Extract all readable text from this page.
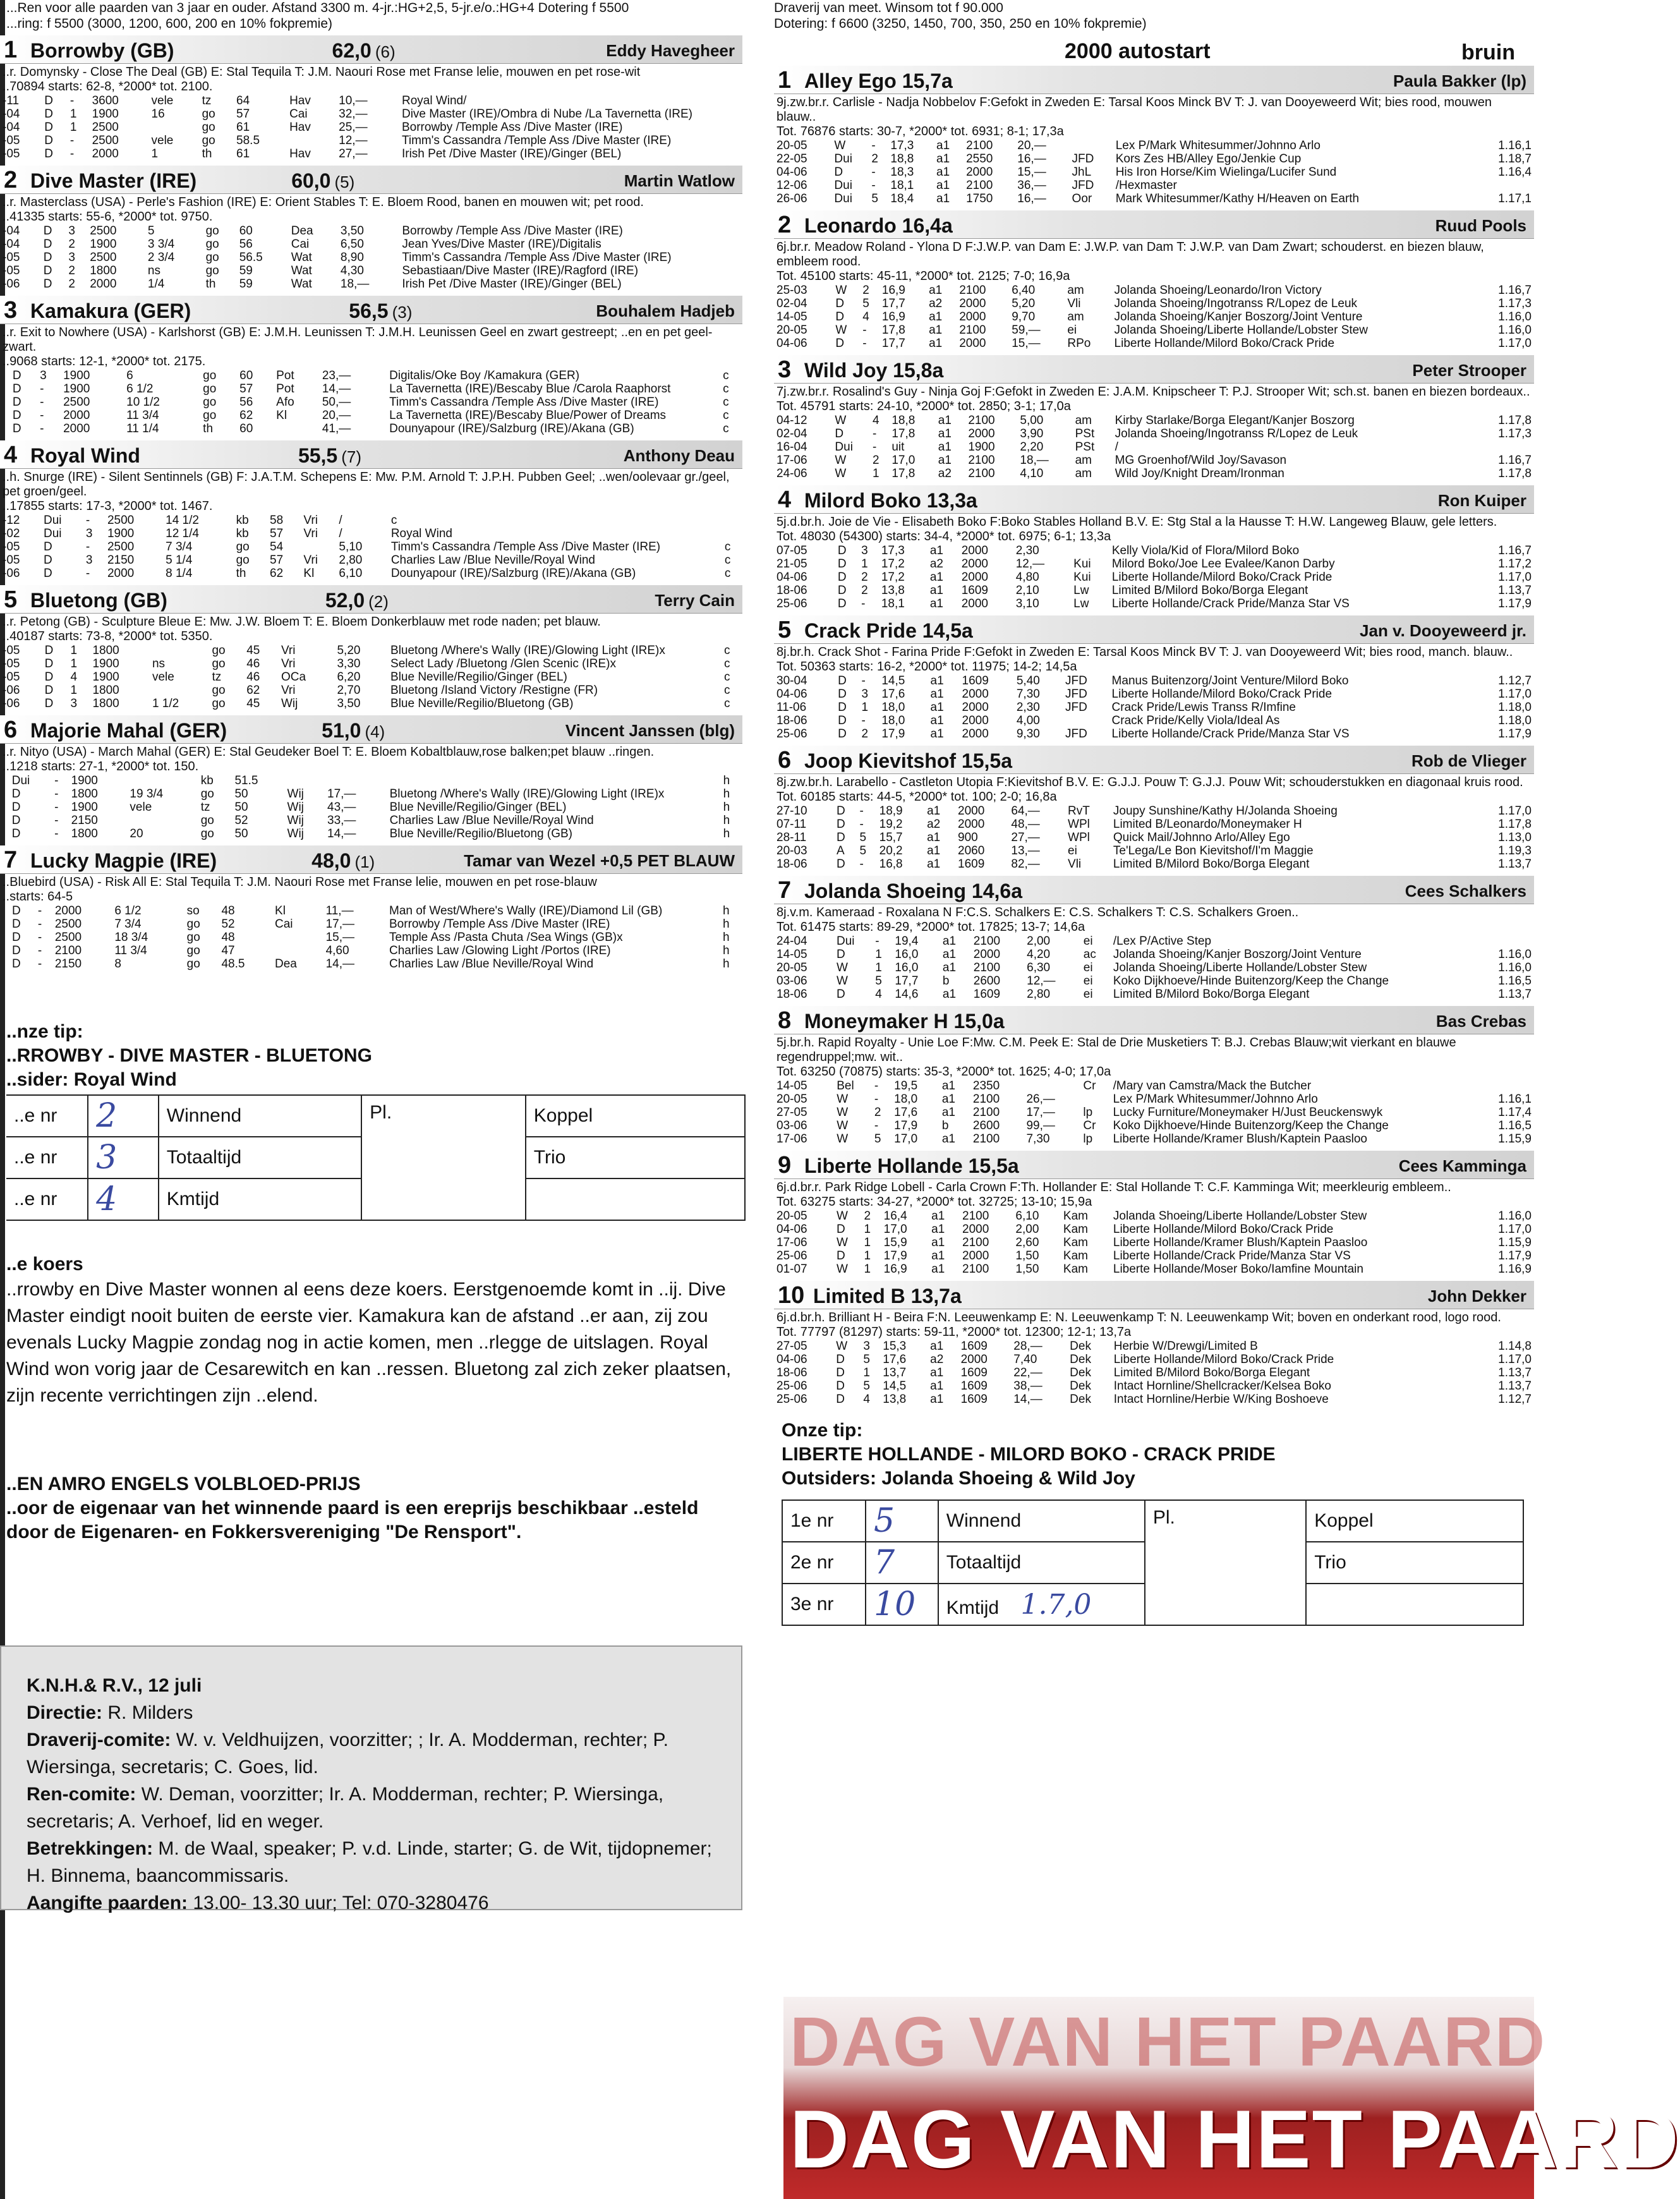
...Ren voor alle paarden van 3 jaar en ouder. Afstand 3300 m. 4-jr.:HG+2,5, 5-jr.e/o.:HG+4 Dotering f 5500
...ring: f 5500 (3000, 1200, 600, 200 en 10% fokpremie)
1 Borrowby (GB)	62,0 (6)	Eddy Havegheer
..r. Domynsky - Close The Deal (GB) E: Stal Tequila T: J.M. Naouri Rose met Franse lelie, mouwen en pet rose-wit
..70894 starts: 62-8, *2000* tot. 2100.
-11	D	-	3600	vele	tz	64	Hav	10,—	Royal Wind/	
-04	D	1	1900	16	go	57	Cai	32,—	Dive Master (IRE)/Ombra di Nube /La Tavernetta (IRE)	
-04	D	1	2500		go	61	Hav	25,—	Borrowby /Temple Ass /Dive Master (IRE)	
-05	D	-	2500	vele	go	58.5		12,—	Timm's Cassandra /Temple Ass /Dive Master (IRE)	
-05	D	-	2000	1	th	61	Hav	27,—	Irish Pet /Dive Master (IRE)/Ginger (BEL)	
2 Dive Master (IRE)	60,0 (5)	Martin Watlow
..r. Masterclass (USA) - Perle's Fashion (IRE) E: Orient Stables T: E. Bloem Rood, banen en mouwen wit; pet rood.
..41335 starts: 55-6, *2000* tot. 9750.
-04	D	3	2500	5	go	60	Dea	3,50	Borrowby /Temple Ass /Dive Master (IRE)	
-04	D	2	1900	3 3/4	go	56	Cai	6,50	Jean Yves/Dive Master (IRE)/Digitalis	
-05	D	3	2500	2 3/4	go	56.5	Wat	8,90	Timm's Cassandra /Temple Ass /Dive Master (IRE)	
-05	D	2	1800	ns	go	59	Wat	4,30	Sebastiaan/Dive Master (IRE)/Ragford (IRE)	
-06	D	2	2000	1/4	th	59	Wat	18,—	Irish Pet /Dive Master (IRE)/Ginger (BEL)	
3 Kamakura (GER)	56,5 (3)	Bouhalem Hadjeb
..r. Exit to Nowhere (USA) - Karlshorst (GB) E: J.M.H. Leunissen T: J.M.H. Leunissen Geel en zwart gestreept; ..en en pet geel-zwart.
..9068 starts: 12-1, *2000* tot. 2175.
	D	3	1900	6	go	60	Pot	23,—	Digitalis/Oke Boy /Kamakura (GER)	c
	D	-	1900	6 1/2	go	57	Pot	14,—	La Tavernetta (IRE)/Bescaby Blue /Carola Raaphorst	c
	D	-	2500	10 1/2	go	56	Afo	50,—	Timm's Cassandra /Temple Ass /Dive Master (IRE)	c
	D	-	2000	11 3/4	go	62	Kl	20,—	La Tavernetta (IRE)/Bescaby Blue/Power of Dreams	c
	D	-	2000	11 1/4	th	60		41,—	Dounyapour (IRE)/Salzburg (IRE)/Akana (GB)	c
4 Royal Wind	55,5 (7)	Anthony Deau
..h. Snurge (IRE) - Silent Sentinnels (GB) F: J.A.T.M. Schepens E: Mw. P.M. Arnold T: J.P.H. Pubben Geel; ..wen/oolevaar gr./geel, pet groen/geel.
..17855 starts: 17-3, *2000* tot. 1467.
-12	Dui	-	2500	14 1/2	kb	58	Vri	/	c	
-02	Dui	3	1900	12 1/4	kb	57	Vri	/	Royal Wind	
-05	D	-	2500	7 3/4	go	54		5,10	Timm's Cassandra /Temple Ass /Dive Master (IRE)	c
-05	D	3	2150	5 1/4	go	57	Vri	2,80	Charlies Law /Blue Neville/Royal Wind	c
-06	D	-	2000	8 1/4	th	62	Kl	6,10	Dounyapour (IRE)/Salzburg (IRE)/Akana (GB)	c
5 Bluetong (GB)	52,0 (2)	Terry Cain
..r. Petong (GB) - Sculpture Bleue E: Mw. J.W. Bloem T: E. Bloem Donkerblauw met rode naden; pet blauw.
..40187 starts: 73-8, *2000* tot. 5350.
-05	D	1	1800		go	45	Vri	5,20	Bluetong /Where's Wally (IRE)/Glowing Light (IRE)x	c
-05	D	1	1900	ns	go	46	Vri	3,30	Select Lady /Bluetong /Glen Scenic (IRE)x	c
-05	D	4	1900	vele	tz	46	OCa	6,20	Blue Neville/Regilio/Ginger (BEL)	c
-06	D	1	1800		go	62	Vri	2,70	Bluetong /Island Victory /Restigne (FR)	c
-06	D	3	1800	1 1/2	go	45	Wij	3,50	Blue Neville/Regilio/Bluetong (GB)	c
6 Majorie Mahal (GER)	51,0 (4)	Vincent Janssen (blg)
..r. Nityo (USA) - March Mahal (GER) E: Stal Geudeker Boel T: E. Bloem Kobaltblauw,rose balken;pet blauw ..ringen.
..1218 starts: 27-1, *2000* tot. 150.
	Dui	-	1900		kb	51.5				h
	D	-	1800	19 3/4	go	50	Wij	17,—	Bluetong /Where's Wally (IRE)/Glowing Light (IRE)x	h
	D	-	1900	vele	tz	50	Wij	43,—	Blue Neville/Regilio/Ginger (BEL)	h
	D	-	2150		go	52	Wij	33,—	Charlies Law /Blue Neville/Royal Wind	h
	D	-	1800	20	go	50	Wij	14,—	Blue Neville/Regilio/Bluetong (GB)	h
7 Lucky Magpie (IRE)	48,0 (1)	Tamar van Wezel +0,5 PET BLAUW
..Bluebird (USA) - Risk All E: Stal Tequila T: J.M. Naouri Rose met Franse lelie, mouwen en pet rose-blauw
..starts: 64-5
	D	-	2000	6 1/2	so	48	Kl	11,—	Man of West/Where's Wally (IRE)/Diamond Lil (GB)	h
	D	-	2500	7 3/4	go	52	Cai	17,—	Borrowby /Temple Ass /Dive Master (IRE)	h
	D	-	2500	18 3/4	go	48		15,—	Temple Ass /Pasta Chuta /Sea Wings (GB)x	h
	D	-	2100	11 3/4	go	47		4,60	Charlies Law /Glowing Light /Portos (IRE)	h
	D	-	2150	8	go	48.5	Dea	14,—	Charlies Law /Blue Neville/Royal Wind	h
..nze tip:
..RROWBY - DIVE MASTER - BLUETONG
..sider: Royal Wind
..e nr	2	Winnend	Pl.	Koppel
..e nr	3	Totaaltijd		Trio
..e nr	4	Kmtijd		
..e koers
..rrowby en Dive Master wonnen al eens deze koers. Eerstgenoemde komt in ..ij. Dive Master eindigt nooit buiten de eerste vier. Kamakura kan de afstand ..er aan, zij zou evenals Lucky Magpie zondag nog in actie komen, men ..rlegge de uitslagen. Royal Wind won vorig jaar de Cesarewitch en kan ..ressen. Bluetong zal zich zeker plaatsen, zijn recente verrichtingen zijn ..elend.
..EN AMRO ENGELS VOLBLOED-PRIJS
..oor de eigenaar van het winnende paard is een ereprijs beschikbaar ..esteld door de Eigenaren- en Fokkersvereniging "De Rensport".
K.N.H.& R.V., 12 juli
Directie: R. Milders
Draverij-comite: W. v. Veldhuijzen, voorzitter; ; Ir. A. Modderman, rechter; P. Wiersinga, secretaris; C. Goes, lid.
Ren-comite: W. Deman, voorzitter; Ir. A. Modderman, rechter; P. Wiersinga, secretaris; A. Verhoef, lid en weger.
Betrekkingen: M. de Waal, speaker; P. v.d. Linde, starter; G. de Wit, tijdopnemer; H. Binnema, baancommissaris.
Aangifte paarden: 13.00- 13.30 uur; Tel: 070-3280476
Draverij van meet. Winsom tot f 90.000
Dotering: f 6600 (3250, 1450, 700, 350, 250 en 10% fokpremie)
2000 autostart	bruin
1 Alley Ego 15,7a	Paula Bakker (lp)
9j.zw.br.r. Carlisle - Nadja Nobbelov F:Gefokt in Zweden E: Tarsal Koos Minck BV T: J. van Dooyeweerd Wit; bies rood, mouwen blauw..
Tot. 76876 starts: 30-7, *2000* tot. 6931; 8-1; 17,3a
20-05	W	-	17,3	a1	2100	20,—		Lex P/Mark Whitesummer/Johnno Arlo	1.16,1
22-05	Dui	2	18,8	a1	2550	16,—	JFD	Kors Zes HB/Alley Ego/Jenkie Cup	1.18,7
04-06	D	-	18,3	a1	2000	15,—	JhL	His Iron Horse/Kim Wielinga/Lucifer Sund	1.16,4
12-06	Dui	-	18,1	a1	2100	36,—	JFD	/Hexmaster	
26-06	Dui	5	18,4	a1	1750	16,—	Oor	Mark Whitesummer/Kathy H/Heaven on Earth	1.17,1
2 Leonardo 16,4a	Ruud Pools
6j.br.r. Meadow Roland - Ylona D F:J.W.P. van Dam E: J.W.P. van Dam T: J.W.P. van Dam Zwart; schouderst. en biezen blauw, embleem rood.
Tot. 45100 starts: 45-11, *2000* tot. 2125; 7-0; 16,9a
25-03	W	2	16,9	a1	2100	6,40	am	Jolanda Shoeing/Leonardo/Iron Victory	1.16,7
02-04	D	5	17,7	a2	2000	5,20	Vli	Jolanda Shoeing/Ingotranss R/Lopez de Leuk	1.17,3
14-05	D	4	16,9	a1	2000	9,70	am	Jolanda Shoeing/Kanjer Boszorg/Joint Venture	1.16,0
20-05	W	-	17,8	a1	2100	59,—	ei	Jolanda Shoeing/Liberte Hollande/Lobster Stew	1.16,0
04-06	D	-	17,7	a1	2000	15,—	RPo	Liberte Hollande/Milord Boko/Crack Pride	1.17,0
3 Wild Joy 15,8a	Peter Strooper
7j.zw.br.r. Rosalind's Guy - Ninja Goj F:Gefokt in Zweden E: J.A.M. Knipscheer T: P.J. Strooper Wit; sch.st. banen en biezen bordeaux..
Tot. 45791 starts: 24-10, *2000* tot. 2850; 3-1; 17,0a
04-12	W	4	18,8	a1	2100	5,00	am	Kirby Starlake/Borga Elegant/Kanjer Boszorg	1.17,8
02-04	D	-	17,8	a1	2000	3,90	PSt	Jolanda Shoeing/Ingotranss R/Lopez de Leuk	1.17,3
16-04	Dui	-	uit	a1	1900	2,20	PSt	/	
17-06	W	2	17,0	a1	2100	18,—	am	MG Groenhof/Wild Joy/Savason	1.16,7
24-06	W	1	17,8	a2	2100	4,10	am	Wild Joy/Knight Dream/Ironman	1.17,8
4 Milord Boko 13,3a	Ron Kuiper
5j.d.br.h. Joie de Vie - Elisabeth Boko F:Boko Stables Holland B.V. E: Stg Stal a la Hausse T: H.W. Langeweg Blauw, gele letters.
Tot. 48030 (54300) starts: 34-4, *2000* tot. 6975; 6-1; 13,3a
07-05	D	3	17,3	a1	2000	2,30		Kelly Viola/Kid of Flora/Milord Boko	1.16,7
21-05	D	1	17,2	a2	2000	12,—	Kui	Milord Boko/Joe Lee Evalee/Kanon Darby	1.17,2
04-06	D	2	17,2	a1	2000	4,80	Kui	Liberte Hollande/Milord Boko/Crack Pride	1.17,0
18-06	D	2	13,8	a1	1609	2,10	Lw	Limited B/Milord Boko/Borga Elegant	1.13,7
25-06	D	-	18,1	a1	2000	3,10	Lw	Liberte Hollande/Crack Pride/Manza Star VS	1.17,9
5 Crack Pride 14,5a	Jan v. Dooyeweerd jr.
8j.br.h. Crack Shot - Farina Pride F:Gefokt in Zweden E: Tarsal Koos Minck BV T: J. van Dooyeweerd Wit; bies rood, manch. blauw..
Tot. 50363 starts: 16-2, *2000* tot. 11975; 14-2; 14,5a
30-04	D	-	14,5	a1	1609	5,40	JFD	Manus Buitenzorg/Joint Venture/Milord Boko	1.12,7
04-06	D	3	17,6	a1	2000	7,30	JFD	Liberte Hollande/Milord Boko/Crack Pride	1.17,0
11-06	D	1	18,0	a1	2000	2,30	JFD	Crack Pride/Lewis Transs R/Imfine	1.18,0
18-06	D	-	18,0	a1	2000	4,00		Crack Pride/Kelly Viola/Ideal As	1.18,0
25-06	D	2	17,9	a1	2000	9,30	JFD	Liberte Hollande/Crack Pride/Manza Star VS	1.17,9
6 Joop Kievitshof 15,5a	Rob de Vlieger
8j.zw.br.h. Larabello - Castleton Utopia F:Kievitshof B.V. E: G.J.J. Pouw T: G.J.J. Pouw Wit; schouderstukken en diagonaal kruis rood.
Tot. 60185 starts: 44-5, *2000* tot. 100; 2-0; 16,8a
27-10	D	-	18,9	a1	2000	64,—	RvT	Joupy Sunshine/Kathy H/Jolanda Shoeing	1.17,0
07-11	D	-	19,2	a2	2000	48,—	WPl	Limited B/Leonardo/Moneymaker H	1.17,8
28-11	D	5	15,7	a1	900	27,—	WPl	Quick Mail/Johnno Arlo/Alley Ego	1.13,0
20-03	A	5	20,2	a1	2060	13,—	ei	Te'Lega/Le Bon Kievitshof/I'm Maggie	1.19,3
18-06	D	-	16,8	a1	1609	82,—	Vli	Limited B/Milord Boko/Borga Elegant	1.13,7
7 Jolanda Shoeing 14,6a	Cees Schalkers
8j.v.m. Kameraad - Roxalana N F:C.S. Schalkers E: C.S. Schalkers T: C.S. Schalkers Groen..
Tot. 61475 starts: 89-29, *2000* tot. 17825; 13-7; 14,6a
24-04	Dui	-	19,4	a1	2100	2,00	ei	/Lex P/Active Step	
14-05	D	1	16,0	a1	2000	4,20	ac	Jolanda Shoeing/Kanjer Boszorg/Joint Venture	1.16,0
20-05	W	1	16,0	a1	2100	6,30	ei	Jolanda Shoeing/Liberte Hollande/Lobster Stew	1.16,0
03-06	W	5	17,7	b	2600	12,—	ei	Koko Dijkhoeve/Hinde Buitenzorg/Keep the Change	1.16,5
18-06	D	4	14,6	a1	1609	2,80	ei	Limited B/Milord Boko/Borga Elegant	1.13,7
8 Moneymaker H 15,0a	Bas Crebas
5j.br.h. Rapid Royalty - Unie Loe F:Mw. C.M. Peek E: Stal de Drie Musketiers T: B.J. Crebas Blauw;wit vierkant en blauwe regendruppel;mw. wit..
Tot. 63250 (70875) starts: 35-3, *2000* tot. 1625; 4-0; 17,0a
14-05	Bel	-	19,5	a1	2350		Cr	/Mary van Camstra/Mack the Butcher	
20-05	W	-	18,0	a1	2100	26,—		Lex P/Mark Whitesummer/Johnno Arlo	1.16,1
27-05	W	2	17,6	a1	2100	17,—	lp	Lucky Furniture/Moneymaker H/Just Beuckenswyk	1.17,4
03-06	W	-	17,9	b	2600	99,—	Cr	Koko Dijkhoeve/Hinde Buitenzorg/Keep the Change	1.16,5
17-06	W	5	17,0	a1	2100	7,30	lp	Liberte Hollande/Kramer Blush/Kaptein Paasloo	1.15,9
9 Liberte Hollande 15,5a	Cees Kamminga
6j.d.br.r. Park Ridge Lobell - Carla Crown F:Th. Hollander E: Stal Hollande T: C.F. Kamminga Wit; meerkleurig embleem..
Tot. 63275 starts: 34-27, *2000* tot. 32725; 13-10; 15,9a
20-05	W	2	16,4	a1	2100	6,10	Kam	Jolanda Shoeing/Liberte Hollande/Lobster Stew	1.16,0
04-06	D	1	17,0	a1	2000	2,00	Kam	Liberte Hollande/Milord Boko/Crack Pride	1.17,0
17-06	W	1	15,9	a1	2100	2,60	Kam	Liberte Hollande/Kramer Blush/Kaptein Paasloo	1.15,9
25-06	D	1	17,9	a1	2000	1,50	Kam	Liberte Hollande/Crack Pride/Manza Star VS	1.17,9
01-07	W	1	16,9	a1	2100	1,50	Kam	Liberte Hollande/Moser Boko/Iamfine Mountain	1.16,9
10 Limited B 13,7a	John Dekker
6j.d.br.h. Brilliant H - Beira F:N. Leeuwenkamp E: N. Leeuwenkamp T: N. Leeuwenkamp Wit; boven en onderkant rood, logo rood.
Tot. 77797 (81297) starts: 59-11, *2000* tot. 12300; 12-1; 13,7a
27-05	W	3	15,3	a1	1609	28,—	Dek	Herbie W/Drewgi/Limited B	1.14,8
04-06	D	5	17,6	a2	2000	7,40	Dek	Liberte Hollande/Milord Boko/Crack Pride	1.17,0
18-06	D	1	13,7	a1	1609	22,—	Dek	Limited B/Milord Boko/Borga Elegant	1.13,7
25-06	D	5	14,5	a1	1609	38,—	Dek	Intact Hornline/Shellcracker/Kelsea Boko	1.13,7
25-06	D	4	13,8	a1	1609	14,—	Dek	Intact Hornline/Herbie W/King Boshoeve	1.12,7
Onze tip:
LIBERTE HOLLANDE - MILORD BOKO - CRACK PRIDE
Outsiders: Jolanda Shoeing & Wild Joy
1e nr	5	Winnend	Pl.	Koppel
2e nr	7	Totaaltijd		Trio
3e nr	10	Kmtijd 1.7,0		
DAG VAN HET PAARD
DAG VAN HET PAARD
